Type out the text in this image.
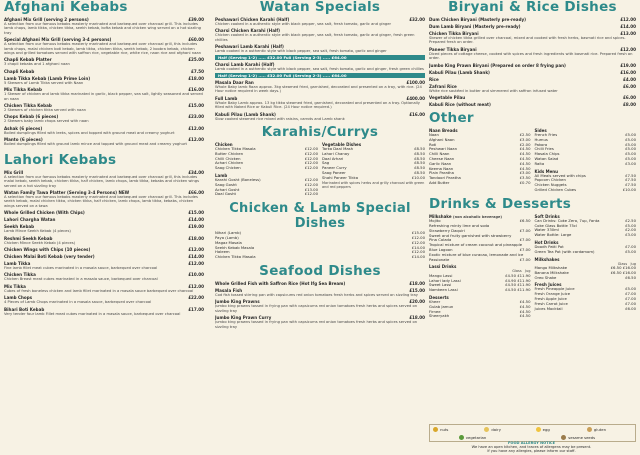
Afghani Kebabs
Afghani Mix Grill (serving 2 persons)	£39.00
A selection from our famous kebabs masterly marinated and barbequed over charcoal grill. This includes lamb chops, lamb tikka, chicken tikka, seekh kebab, kofta kebab and chicken wing served on a hot sizzling tray
Special Afghani Mix Grill (serving 3-4 persons)	£60.00
A selection from our famous kebabs masterly marinated and barbequed over charcoal grill, this includes lamb chops, malai chicken boti kebab, lamb tikka, chicken tikka, seekh kebab, 2 koobra kebab, chicken wings and grilled tomatoes served with saffron rice, vegetable rice, white rice, naan rice and afghani naan
Chapli Kebab Platter	£25.00
3 chapli kebabs and 1 afghani naan
Chapli Kebab	£7.50
Lamb Tikka Kebab (Lamb Prime Loin)	£18.00
5 Skewers of Lamb Tikka served with Naan
Mix Tikka Kebab	£16.00
1 Skewer of chicken and lamb tikka marinated in garlic, black pepper, sea salt, lightly seasoned and served on naan
Chicken Tikka Kebab	£15.00
2 Skewers of chicken tikka served with naan
Chops Kebab (6 pieces)	£23.00
2 Skewers baby lamb chops served with naan
Ashak (6 pieces)	£12.00
Boiled dumplings filled with leeks, spices and topped with ground meat and creamy yoghurt
Manto (6 pieces)	£12.00
Boiled dumplings filled with ground lamb mince and topped with ground meat and creamy yoghurt
Lahori Kebabs
Mix Grill	£34.00
A selection from our famous kebabs masterly marinated and barbequed over charcoal grill, this includes malai kebab, seekh kebab, chicken tikka, half chicken, lamb chops, lamb tikka, kebabs and chicken wings served on a hot sizzling tray
Watan Family Tawa Platter (Serving 3-4 Persons) NEW	£66.00
A selection from our famous kebabs masterly marinated and barbequed over charcoal grill. This includes seekh kebab, malai chicken tikka, chicken tikka, half chicken, lamb chops, lamb tikka, kebabs, chicken wings served on a tawa
Whole Grilled Chicken (With Chips)	£15.00
Lahori Chargha Watan	£14.00
Seekh Kebab	£19.00
Lamb Mince Seekh Kebab (4 pieces)
Reshmi Seekh Kebab	£18.00
Chicken Mince Seekh Kebab (4 pieces)
Chicken Wings with Chips (10 pieces)	£12.00
Chicken Malai Boti Kebab (very tender)	£14.00
Lamb Tikka	£12.00
Fine lamb fillet meat cubes marinated in a masala sauce, barbequed over charcoal
Chicken Tikka	£10.00
Chicken Breast meat cubes marinated in a masala sauce, barbequed over charcoal
Mix Tikka	£12.00
Cubes of fresh boneless chicken and lamb fillet marinated in a masala sauce barbequed over charcoal
Lamb Chops	£22.00
4 Pieces of Lamb Chops marinated in a masala sauce, barbequed over charcoal
Bihari Boti Kebab	£17.00
Very tender four lamb Fillet meat cubes marinated in a masala sauce, barbequed over charcoal
Watan Specials
Peshawari Chicken Karahi (Half)	£32.00
Chicken cooked in a authentic style with black pepper, sea salt, fresh tomato, garlic and ginger
Charsi Chicken Karahi (Half)
Chicken cooked in a authentic style with black pepper, sea salt, fresh tomato, garlic and ginger, fresh green chillies
Peshawari Lamb Karahi (Half)
Lamb cooked in a authentic style with black pepper, sea salt, fresh tomato, garlic and ginger
Half (Serving 1-2) ..... £32.00 Full (Serving 2-3) ..... £64.00
Charsi Lamb Karahi (Half)
Lamb cooked in a authentic style with black pepper, sea salt, fresh tomato, garlic and ginger, fresh green chillies
Half (Serving 1-2) ..... £32.00 Full (Serving 2-3) ..... £64.00
Masala Daar Ran	£100.00
Whole Baby lamb Raan approx. 3kg steamed fried, garnished, decorated and presented on a tray, with rice. (24 Hour notice required in week days.)
Full Lamb	£400.00
Whole Baby Lamb approx. 13 kg tikka steamed fried, garnished, decorated and presented on a tray. Optionally filled with Naked Rice or Kabuli Rice. (24 Hour notice required.)
Kabuli Pilau (Lamb Shank)	£16.00
Slow cooked steamed rice mixed with raisins, carrots and Lamb shank
Karahis/Currys
Chicken
Chicken Tikka Masala	£12.00
Butter Chicken	£12.00
Chilli Chicken	£12.00
Achari Chicken	£12.00
Saag Chicken	£12.00
Lamb
Karahi Gosht (Boneless)	£12.00
Saag Gosht	£12.00
Achari Gosht	£13.00
Daal Gosht	£12.00
Vegetable Dishes
Tarka Daal Mash	£8.50
Lahori Chanay	£8.50
Daal Arhari	£8.50
Sag	£8.50
Paneer Curry	£8.50
Saag Paneer	£8.50
Shahi Paneer Tikka	£10.00
Marinated with spices herbs and grilly charcoal with green and red peppers
Chicken & Lamb Special Dishes
Nihari (Lamb)	£15.00
Paya (Lamb)	£12.00
Magaz Masala	£12.00
Seekh Kebab Masala	£14.00
Haleem	£12.00
Chicken Tikka Masala	£14.00
Seafood Dishes
Whole Grilled Fish with Saffron Rice (Hot Ifg Sea Bream)	£18.00
Masala Fish	£15.00
Cod fish tossed stirring pan with capsicums red onion tomatoes fresh herbs and spices served on sizzling tray
Jumbo King Prawns	£20.00
Jumbo king prawns tossed in frying pan with capsicums red onion tomatoes fresh herbs and spices served on sizzling tray
Jumbo King Prawn Curry	£18.00
Jumbo king prawns tossed in frying pan with capsicums red onion tomatoes fresh herbs and spices served on sizzling tray
Biryani & Rice Dishes
Dum Chicken Biryani (Masterly pre-ready)	£12.00
Dum Lamb Biryani (Masterly pre-ready)	£14.00
Chicken Tikka Biryani	£13.00
Skewer of chicken tikka grilled over charcoal, mixed and cooked with fresh herbs, basmati rice and spices. Prepared fresh on order.
Paneer Tikka Biryani	£12.00
Diced pieces of cottage cheese, cooked with spices and fresh ingredients with basmati rice. Prepared fresh on order.
Jumbo King Prawn Biryani (Prepared on order 8 frying pan)	£19.00
Kabuli Pilau (Lamb Shank)	£16.00
Rice	£4.00
Zafrani Rice	£6.00
White rice sautéed in butter and simmered with saffron infused water
Vegetable Pilau	£6.00
Kabuli Rice (without meat)	£8.00
Other
Naan Breads
Naan	£2.50
Afghani Naan	£3.00
Roti	£2.00
Peshwari Naan	£4.50
Chilli Naan	£4.50
Cheese Naan	£4.50
Garlic Naan	£4.50
Keema Naan	£4.50
Plain Paratha	£3.00
Tandoori Paratha	£3.50
Add Butter	£0.70
Sides
French Fries	£5.00
Humus	£5.00
Pakora	£5.00
Chilli Fries	£5.00
Masala Chips	£5.00
Watan Salad	£5.00
Raita	£3.00
Kids Menu
All Meals served with chips	£7.50
Popcorn Chicken	£7.50
Chicken Nuggets	£7.50
Grilled Chicken Cubes	£10.00
Drinks & Desserts
Milkshake (non alcoholic beverage)
Mojito	£6.50
Refreshing minty lime and soda
Strawberry Daquiri	£7.00
Sweet and fruity garnished with strawberry
Pina Colada	£7.00
Tropical mixture of cream coconut and pineapple
Blue Lagoon	£7.00
Exotic mixture of blue curacao, lemonade and ice
Passionate	£7.00
Lassi Drinks
Glass Jug
Mango Lassi	£4.50 £11.90
Lahori lady Lassi	£4.90 £11.90
Sweet Lassi	£4.50 £11.90
Namkeen Lassi	£4.50 £11.90
Desserts
Kheer	£4.50
Gulab Jamun	£4.50
Firnee	£4.50
Sheeryakh	£4.50
Soft Drinks
Can Drinks: Coke Zero, 7up, Fanta	£2.50
Coke Glass Bottle 75cl	£5.00
Water 330ml	£2.00
Water Bottle: Large	£3.00
Hot Drinks
Doodh Patti Pot	£7.00
Green Tea Pot (with cardamom)	£5.00
Milkshakes
Glass Jug
Mango Milkshake	£6.50 £16.00
Banana Milkshake	£6.50 £16.00
Oreo Shake	£6.50
Fresh Juices
Fresh Pineapple Juice	£5.00
Fresh Orange Juice	£7.00
Fresh Apple Juice	£7.00
Fresh Carrot Juice	£7.00
Juices Mocktail	£6.00
nuts	dairy	egg	gluten
vegetarian	sesame seeds
FOOD ALLERGY NOTICE
We have an open kitchen, and traces of allergens may be present.
If you have any allergies, please inform our staff.
